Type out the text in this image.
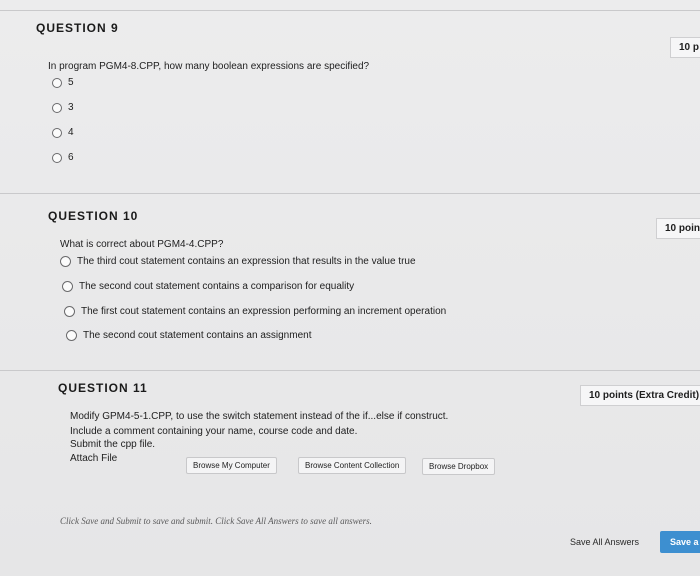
QUESTION 9
10 p

In program PGM4-8.CPP, how many boolean expressions are specified?

5
3
4
6
QUESTION 10
10 poin

What is correct about PGM4-4.CPP?

The third cout statement contains an expression that results in the value true
The second cout statement contains a comparison for equality
The first cout statement contains an expression performing an increment operation
The second cout statement contains an assignment
QUESTION 11
10 points (Extra Credit)
Modify GPM4-5-1.CPP, to use the switch statement instead of the if...else if construct.
Include a comment containing your name, course code and date.
Submit the cpp file.
Attach File
Browse My Computer	Browse Content Collection	Browse Dropbox
Click Save and Submit to save and submit. Click Save All Answers to save all answers.
Save All Answers	Save a
